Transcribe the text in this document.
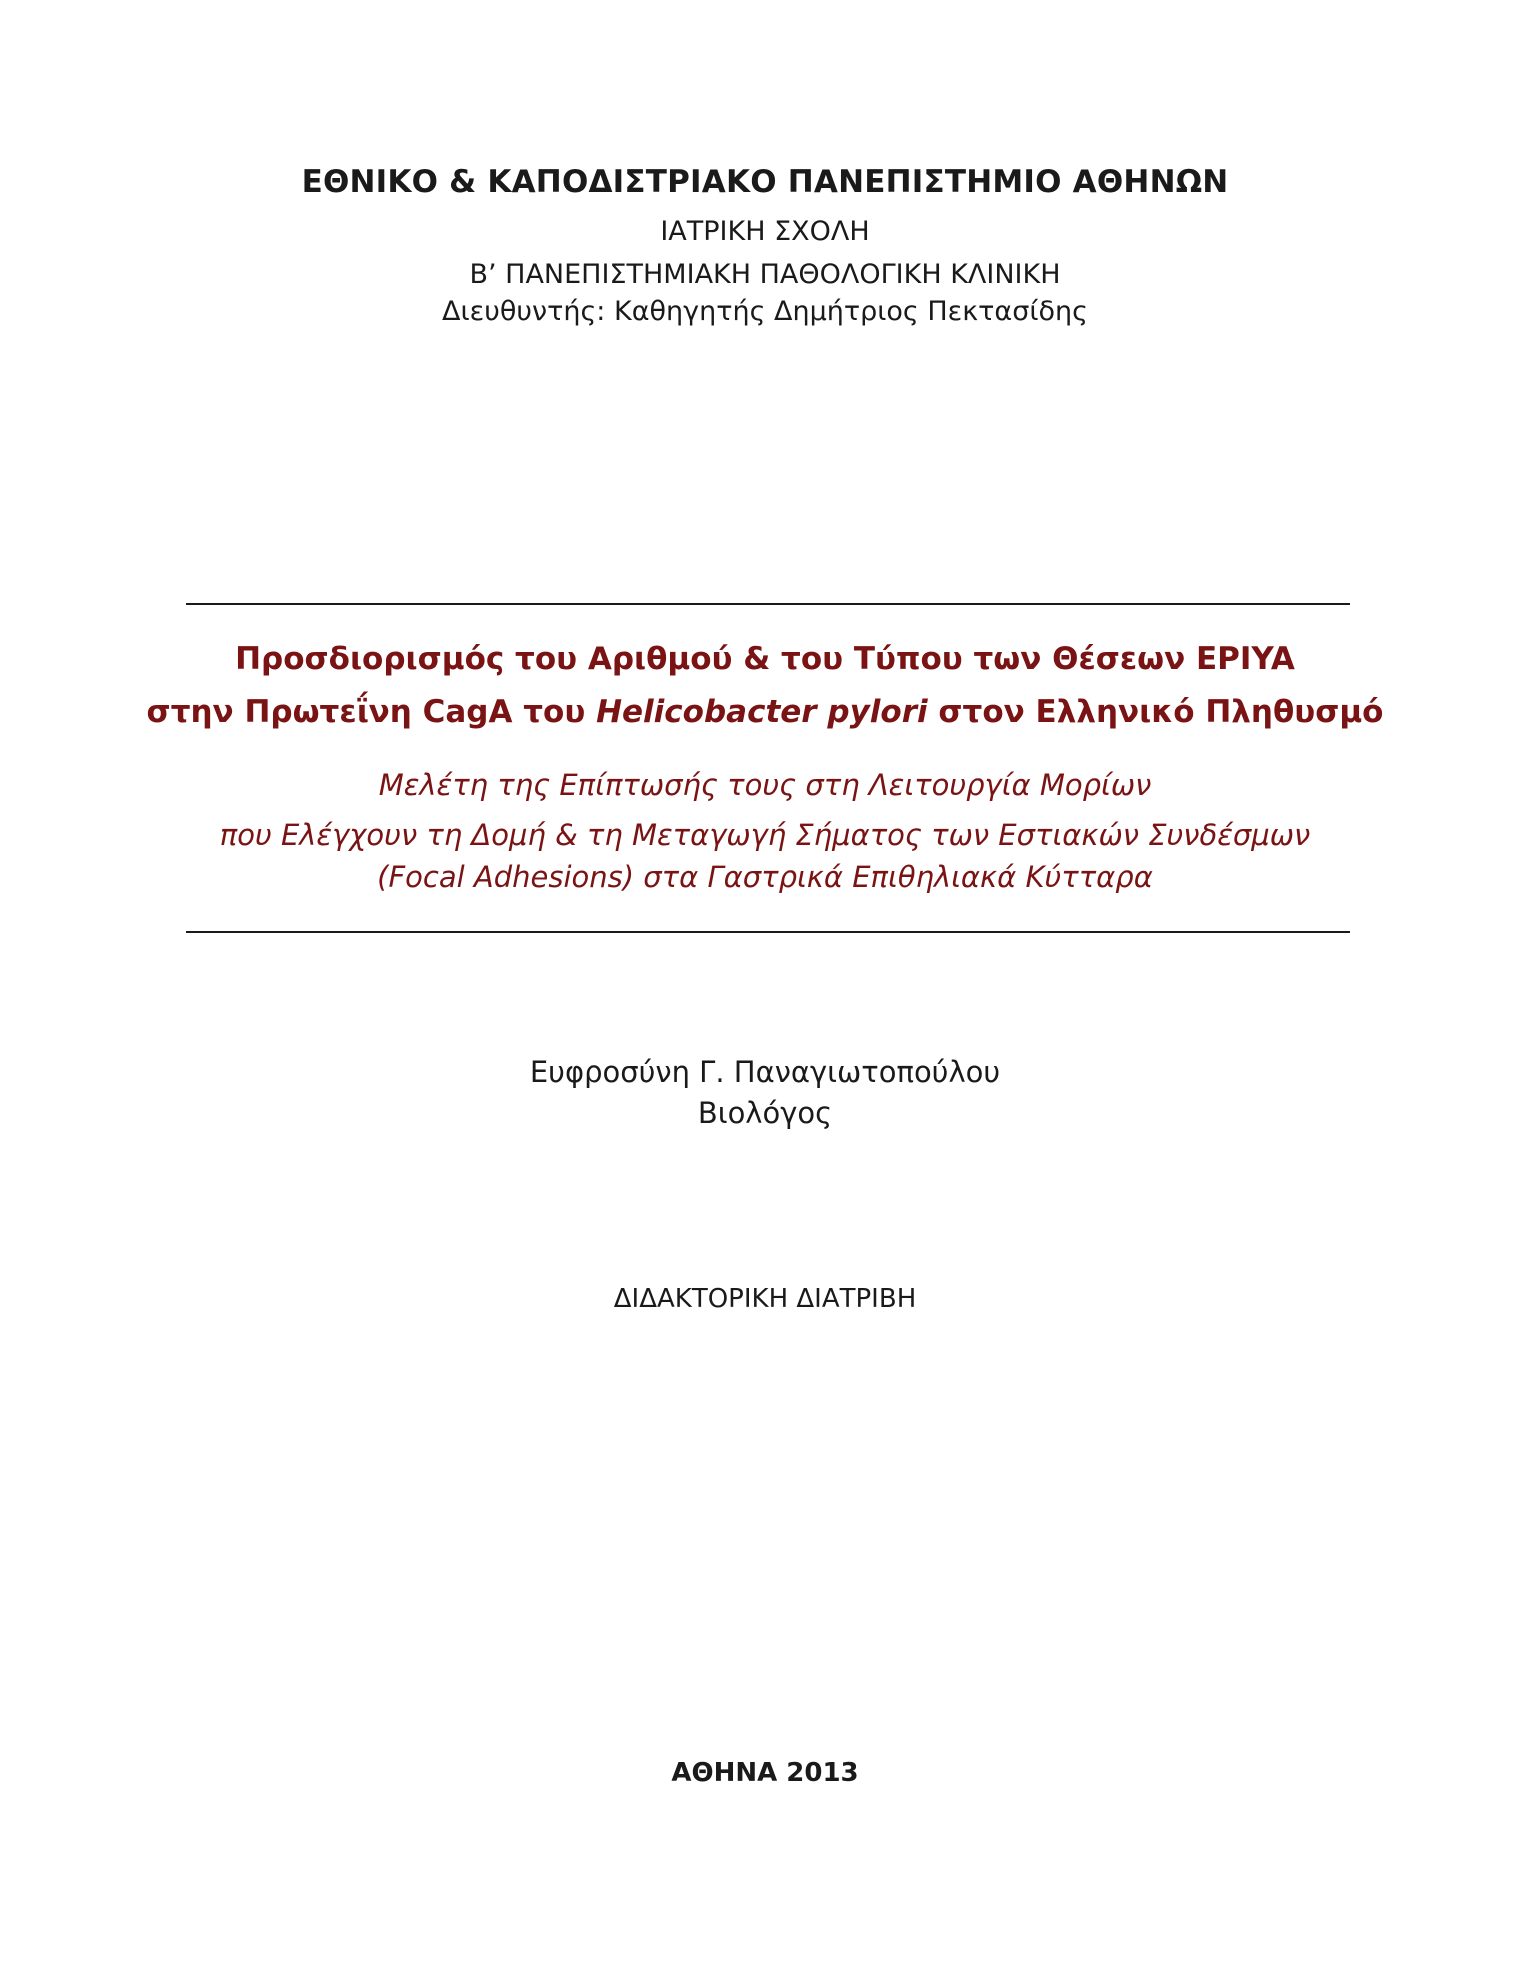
ΕΘΝΙΚΟ & ΚΑΠΟΔΙΣΤΡΙΑΚΟ ΠΑΝΕΠΙΣΤΗΜΙΟ ΑΘΗΝΩΝ
ΙΑΤΡΙΚΗ ΣΧΟΛΗ
Β’ ΠΑΝΕΠΙΣΤΗΜΙΑΚΗ ΠΑΘΟΛΟΓΙΚΗ ΚΛΙΝΙΚΗ
Διευθυντής: Καθηγητής Δημήτριος Πεκτασίδης
Προσδιορισμός του Αριθμού & του Τύπου των Θέσεων EPIYA
στην Πρωτεΐνη CagA του Helicobacter pylori στον Ελληνικό Πληθυσμό
Μελέτη της Επίπτωσής τους στη Λειτουργία Μορίων
που Ελέγχουν τη Δομή & τη Μεταγωγή Σήματος των Εστιακών Συνδέσμων
(Focal Adhesions) στα Γαστρικά Επιθηλιακά Κύτταρα
Ευφροσύνη Γ. Παναγιωτοπούλου
Βιολόγος
ΔΙΔΑΚΤΟΡΙΚΗ ΔΙΑΤΡΙΒΗ
ΑΘΗΝΑ 2013
